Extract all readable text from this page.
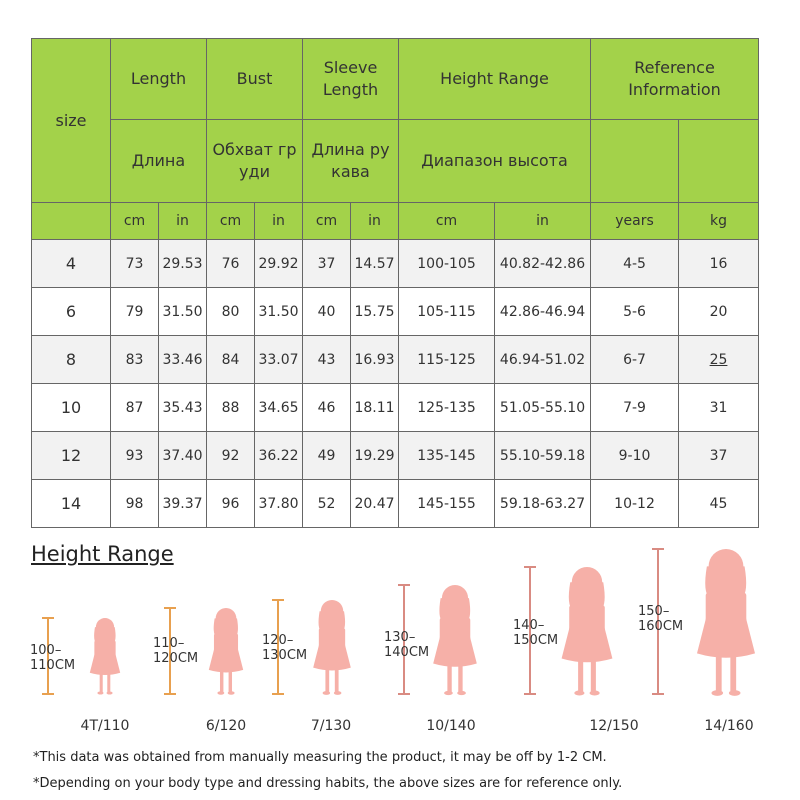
size	Length		Bust		Sleeve Length		Height Range		Reference Information	
	Длина		Обхват гр уди		Длина ру кава		Диапазон высота			
	cm	in	cm	in	cm	in	cm	in	years	kg
4	73	29.53	76	29.92	37	14.57	100-105	40.82-42.86	4-5	16
6	79	31.50	80	31.50	40	15.75	105-115	42.86-46.94	5-6	20
8	83	33.46	84	33.07	43	16.93	115-125	46.94-51.02	6-7	25
10	87	35.43	88	34.65	46	18.11	125-135	51.05-55.10	7-9	31
12	93	37.40	92	36.22	49	19.29	135-145	55.10-59.18	9-10	37
14	98	39.37	96	37.80	52	20.47	145-155	59.18-63.27	10-12	45
Height Range
100–
110CM
4T/110
110–
120CM
6/120
120–
130CM
7/130
130–
140CM
10/140
140–
150CM
12/150
150–
160CM
14/160

*This data was obtained from manually measuring the product, it may be off by 1-2 CM.

*Depending on your body type and dressing habits, the above sizes are for reference only.
